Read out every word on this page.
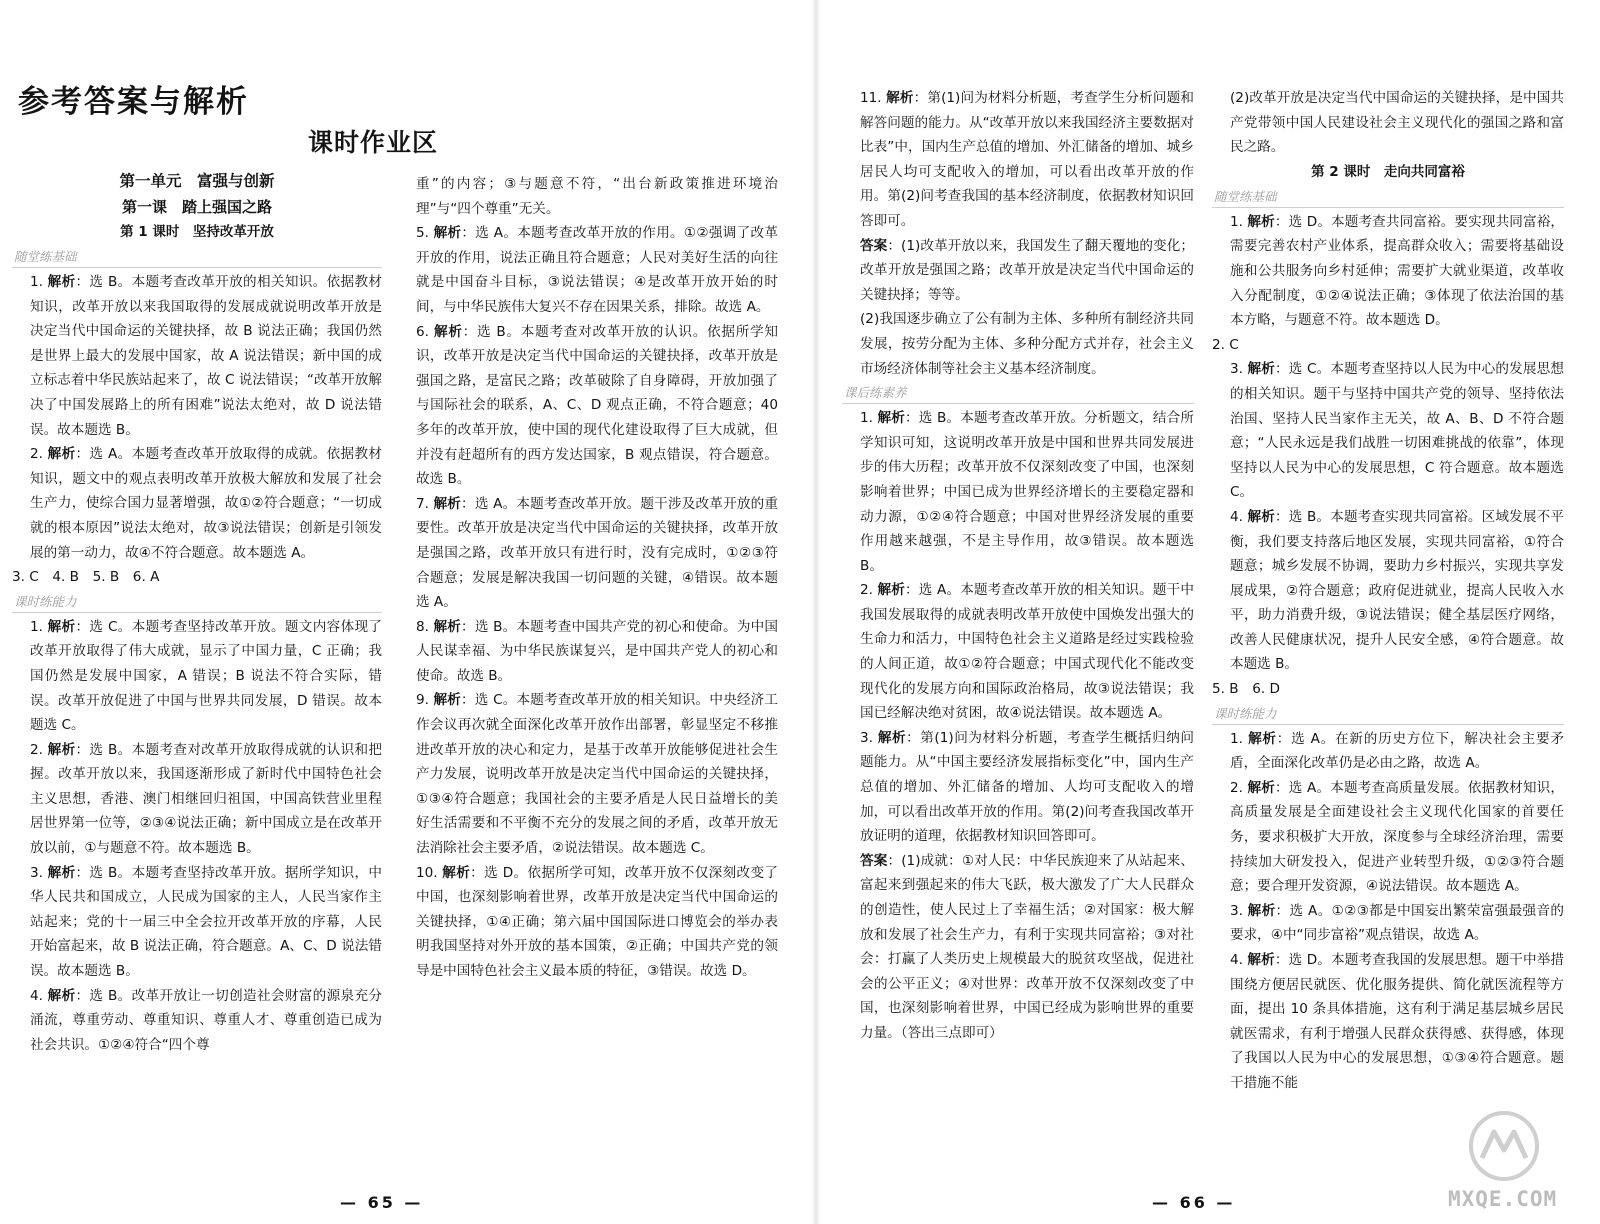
参考答案与解析
课时作业区
第一单元　富强与创新
第一课　踏上强国之路
第 1 课时　坚持改革开放
随堂练基础

1. 解析：选 B。本题考查改革开放的相关知识。依据教材知识，改革开放以来我国取得的发展成就说明改革开放是决定当代中国命运的关键抉择，故 B 说法正确；我国仍然是世界上最大的发展中国家，故 A 说法错误；新中国的成立标志着中华民族站起来了，故 C 说法错误；“改革开放解决了中国发展路上的所有困难”说法太绝对，故 D 说法错误。故本题选 B。

2. 解析：选 A。本题考查改革开放取得的成就。依据教材知识，题文中的观点表明改革开放极大解放和发展了社会生产力，使综合国力显著增强，故①②符合题意；“一切成就的根本原因”说法太绝对，故③说法错误；创新是引领发展的第一动力，故④不符合题意。故本题选 A。

3. C　4. B　5. B　6. A

课时练能力

1. 解析：选 C。本题考查坚持改革开放。题文内容体现了改革开放取得了伟大成就，显示了中国力量，C 正确；我国仍然是发展中国家，A 错误；B 说法不符合实际，错误。改革开放促进了中国与世界共同发展，D 错误。故本题选 C。

2. 解析：选 B。本题考查对改革开放取得成就的认识和把握。改革开放以来，我国逐渐形成了新时代中国特色社会主义思想，香港、澳门相继回归祖国，中国高铁营业里程居世界第一位等，②③④说法正确；新中国成立是在改革开放以前，①与题意不符。故本题选 B。

3. 解析：选 B。本题考查坚持改革开放。据所学知识，中华人民共和国成立，人民成为国家的主人，人民当家作主站起来；党的十一届三中全会拉开改革开放的序幕，人民开始富起来，故 B 说法正确，符合题意。A、C、D 说法错误。故本题选 B。

4. 解析：选 B。改革开放让一切创造社会财富的源泉充分涌流，尊重劳动、尊重知识、尊重人才、尊重创造已成为社会共识。①②④符合“四个尊

重”的内容；③与题意不符，“出台新政策推进环境治理”与“四个尊重”无关。

5. 解析：选 A。本题考查改革开放的作用。①②强调了改革开放的作用，说法正确且符合题意；人民对美好生活的向往就是中国奋斗目标，③说法错误；④是改革开放开始的时间，与中华民族伟大复兴不存在因果关系，排除。故选 A。

6. 解析：选 B。本题考查对改革开放的认识。依据所学知识，改革开放是决定当代中国命运的关键抉择，改革开放是强国之路，是富民之路；改革破除了自身障碍，开放加强了与国际社会的联系，A、C、D 观点正确，不符合题意；40 多年的改革开放，使中国的现代化建设取得了巨大成就，但并没有赶超所有的西方发达国家，B 观点错误，符合题意。故选 B。

7. 解析：选 A。本题考查改革开放。题干涉及改革开放的重要性。改革开放是决定当代中国命运的关键抉择，改革开放是强国之路，改革开放只有进行时，没有完成时，①②③符合题意；发展是解决我国一切问题的关键，④错误。故本题选 A。

8. 解析：选 B。本题考查中国共产党的初心和使命。为中国人民谋幸福、为中华民族谋复兴，是中国共产党人的初心和使命。故选 B。

9. 解析：选 C。本题考查改革开放的相关知识。中央经济工作会议再次就全面深化改革开放作出部署，彰显坚定不移推进改革开放的决心和定力，是基于改革开放能够促进社会生产力发展，说明改革开放是决定当代中国命运的关键抉择，①③④符合题意；我国社会的主要矛盾是人民日益增长的美好生活需要和不平衡不充分的发展之间的矛盾，改革开放无法消除社会主要矛盾，②说法错误。故本题选 C。

10. 解析：选 D。依据所学可知，改革开放不仅深刻改变了中国，也深刻影响着世界，改革开放是决定当代中国命运的关键抉择，①④正确；第六届中国国际进口博览会的举办表明我国坚持对外开放的基本国策，②正确；中国共产党的领导是中国特色社会主义最本质的特征，③错误。故选 D。

11. 解析：第(1)问为材料分析题，考查学生分析问题和解答问题的能力。从“改革开放以来我国经济主要数据对比表”中，国内生产总值的增加、外汇储备的增加、城乡居民人均可支配收入的增加，可以看出改革开放的作用。第(2)问考查我国的基本经济制度，依据教材知识回答即可。

答案：(1)改革开放以来，我国发生了翻天覆地的变化；改革开放是强国之路；改革开放是决定当代中国命运的关键抉择；等等。

(2)我国逐步确立了公有制为主体、多种所有制经济共同发展，按劳分配为主体、多种分配方式并存，社会主义市场经济体制等社会主义基本经济制度。

课后练素养

1. 解析：选 B。本题考查改革开放。分析题文，结合所学知识可知，这说明改革开放是中国和世界共同发展进步的伟大历程；改革开放不仅深刻改变了中国，也深刻影响着世界；中国已成为世界经济增长的主要稳定器和动力源，①②④符合题意；中国对世界经济发展的重要作用越来越强，不是主导作用，故③错误。故本题选 B。

2. 解析：选 A。本题考查改革开放的相关知识。题干中我国发展取得的成就表明改革开放使中国焕发出强大的生命力和活力，中国特色社会主义道路是经过实践检验的人间正道，故①②符合题意；中国式现代化不能改变现代化的发展方向和国际政治格局，故③说法错误；我国已经解决绝对贫困，故④说法错误。故本题选 A。

3. 解析：第(1)问为材料分析题，考查学生概括归纳问题能力。从“中国主要经济发展指标变化”中，国内生产总值的增加、外汇储备的增加、人均可支配收入的增加，可以看出改革开放的作用。第(2)问考查我国改革开放证明的道理，依据教材知识回答即可。

答案：(1)成就：①对人民：中华民族迎来了从站起来、富起来到强起来的伟大飞跃，极大激发了广大人民群众的创造性，使人民过上了幸福生活；②对国家：极大解放和发展了社会生产力，有利于实现共同富裕；③对社会：打赢了人类历史上规模最大的脱贫攻坚战，促进社会的公平正义；④对世界：改革开放不仅深刻改变了中国，也深刻影响着世界，中国已经成为影响世界的重要力量。（答出三点即可）

(2)改革开放是决定当代中国命运的关键抉择，是中国共产党带领中国人民建设社会主义现代化的强国之路和富民之路。

第 2 课时　走向共同富裕
随堂练基础

1. 解析：选 D。本题考查共同富裕。要实现共同富裕，需要完善农村产业体系，提高群众收入；需要将基础设施和公共服务向乡村延伸；需要扩大就业渠道，改革收入分配制度，①②④说法正确；③体现了依法治国的基本方略，与题意不符。故本题选 D。

2. C

3. 解析：选 C。本题考查坚持以人民为中心的发展思想的相关知识。题干与坚持中国共产党的领导、坚持依法治国、坚持人民当家作主无关，故 A、B、D 不符合题意；“人民永远是我们战胜一切困难挑战的依靠”，体现坚持以人民为中心的发展思想，C 符合题意。故本题选 C。

4. 解析：选 B。本题考查实现共同富裕。区域发展不平衡，我们要支持落后地区发展，实现共同富裕，①符合题意；城乡发展不协调，要助力乡村振兴，实现共享发展成果，②符合题意；政府促进就业，提高人民收入水平，助力消费升级，③说法错误；健全基层医疗网络，改善人民健康状况，提升人民安全感，④符合题意。故本题选 B。

5. B　6. D

课时练能力

1. 解析：选 A。在新的历史方位下，解决社会主要矛盾，全面深化改革仍是必由之路，故选 A。

2. 解析：选 A。本题考查高质量发展。依据教材知识，高质量发展是全面建设社会主义现代化国家的首要任务，要求积极扩大开放，深度参与全球经济治理，需要持续加大研发投入，促进产业转型升级，①②③符合题意；要合理开发资源，④说法错误。故本题选 A。

3. 解析：选 A。①②③都是中国妄出繁荣富强最强音的要求，④中“同步富裕”观点错误，故选 A。

4. 解析：选 D。本题考查我国的发展思想。题干中举措围绕方便居民就医、优化服务提供、简化就医流程等方面，提出 10 条具体措施，这有利于满足基层城乡居民就医需求，有利于增强人民群众获得感、获得感，体现了我国以人民为中心的发展思想，①③④符合题意。题干措施不能

— 65 —	— 66 —	MXQE.COM
